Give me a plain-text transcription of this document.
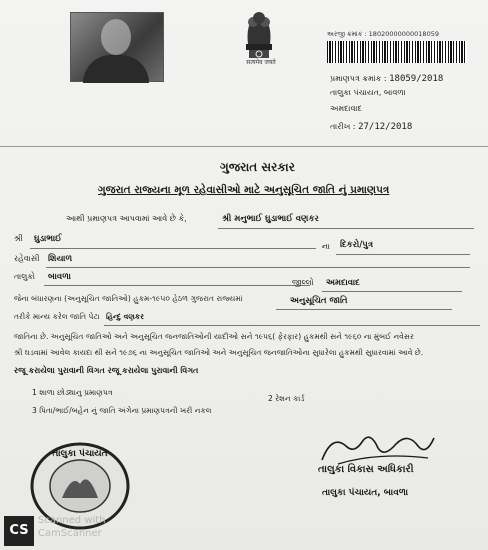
सत्यमेव जयते
અરજી ક્રમાંક : 18020000000018059
પ્રમાણપત્ર ક્રમાંક : 18059/2018
તાલુકા પંચાયત, બાવળા
અમદાવાદ
તારીખ : 27/12/2018
ગુજરાત સરકાર
ગુજરાત રાજ્યના મૂળ રહેવાસીઓ માટે અનુસૂચિત જાતિ નું પ્રમાણપત્ર
આથી પ્રમાણપત્ર આપવામાં આવે છે કે,	શ્રી મનુભાઈ ઘુડાભાઈ વણકર
શ્રી ઘુડાભાઈ
ના દિકરો/પુત્ર
રહેવાસી શિયાળ
તાલુકો બાવળા
જીલ્લો અમદાવાદ
જેના બંધારણના (અનુસૂચિત જાતિઓ) હુકમ-૧૯૫૦ હેઠળ ગુજરાત રાજ્યમાં	અનુસૂચિત જાતિ
તરીકે માન્ય કરેલ જાતિ પેટા હિન્દુ વણકર
જાતિના છે. અનુસૂચિત જાતિઓ અને અનુસૂચિત જનજાતિઓની યાદીઓ સને ૧૯૫૬( ફેરફાર) હુકમથી સને ૧૯૬૦ ના મુંબઈ નવેસર
શ્રી ઘડવામાં આવેલ કાયદા થી સને ૧૯૭૬ ના અનુસૂચિત જાતિઓ અને અનુસૂચિત જનજાતિઓના સુધારેલા હુકમથી સુધારવામાં આવે છે.
રજૂ કરાયેલા પુરાવાની વિગત રજૂ કરાયેલા પુરાવાની વિગત
1 શાળા છોડ્યાનુ પ્રમાણપત્ર
2 રેશન કાર્ડ
3 પિતા/ભાઈ/બહેન નું જાતિ અંગેના પ્રમાણપત્રની ખરી નકલ
તાલુકા પંચાયત
તાલુકા વિકાસ અધિકારી
તાલુકા પંચાયત, બાવળા
CS
Scanned with
CamScanner
